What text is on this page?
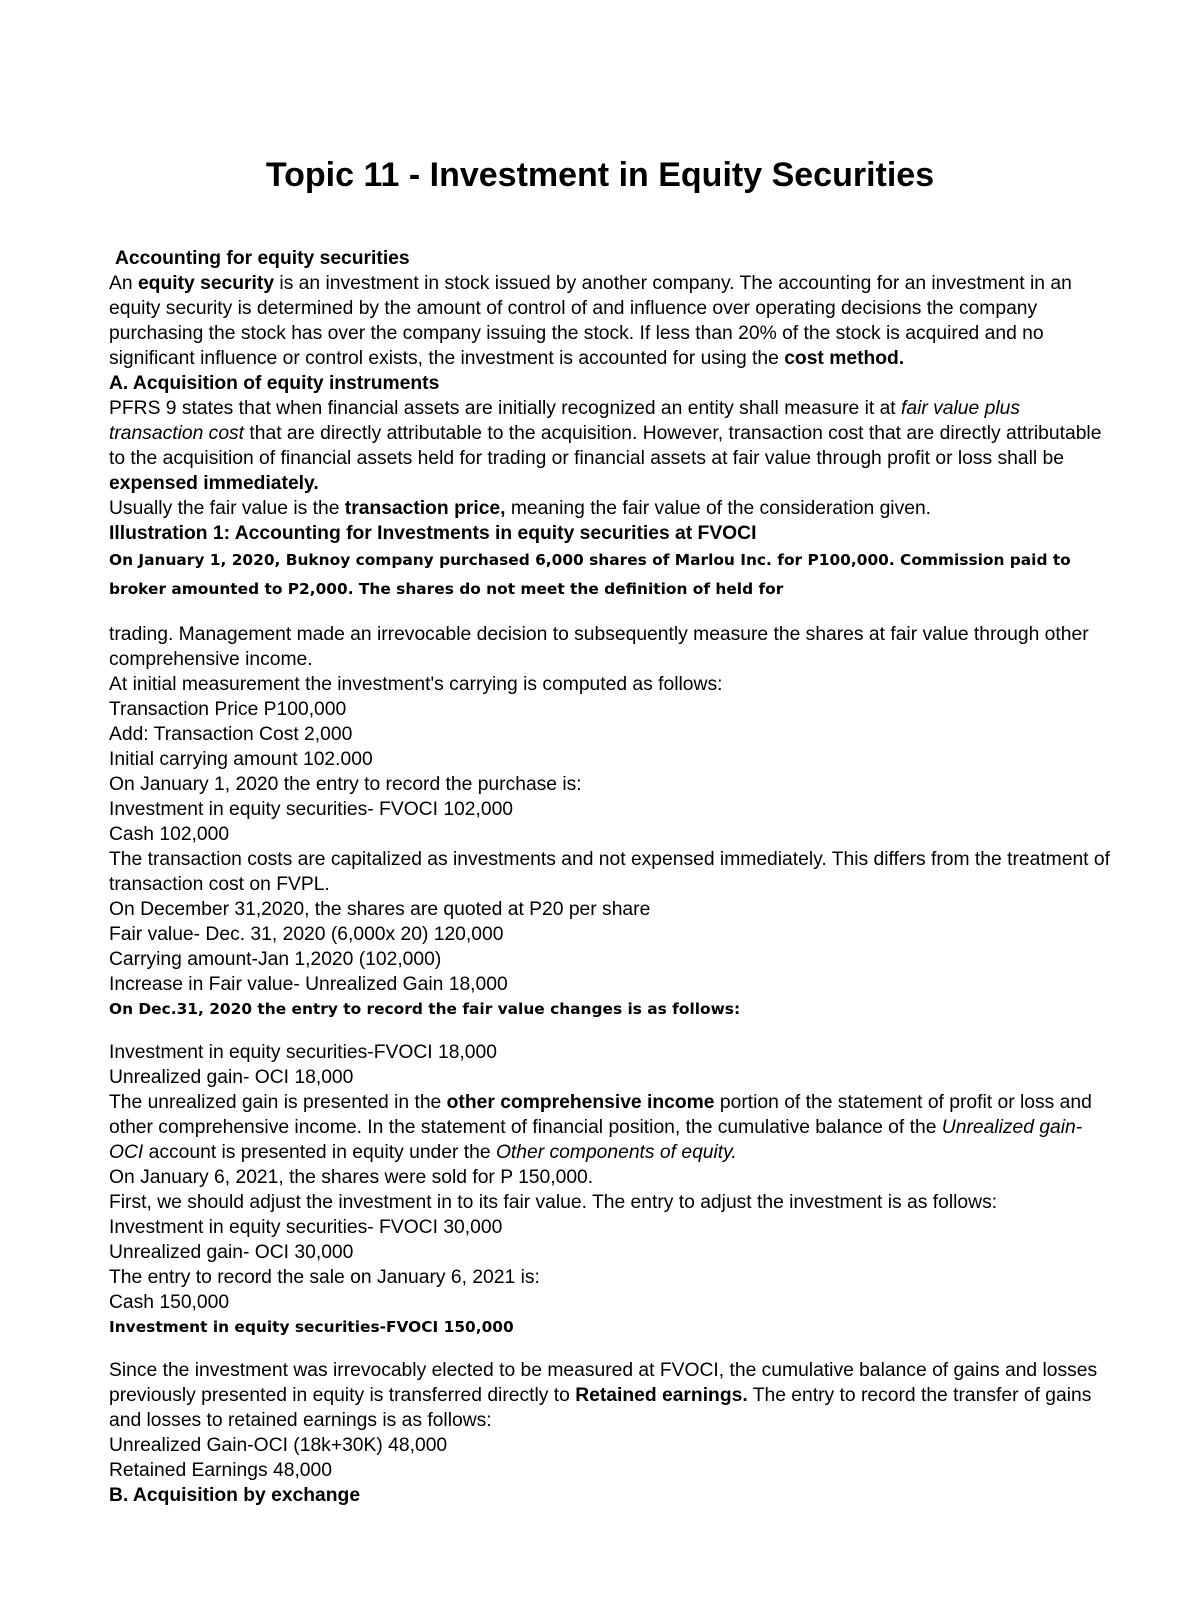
Topic 11 - Investment in Equity Securities

Accounting for equity securities

An equity security is an investment in stock issued by another company. The accounting for an investment in an equity security is determined by the amount of control of and influence over operating decisions the company purchasing the stock has over the company issuing the stock. If less than 20% of the stock is acquired and no significant influence or control exists, the investment is accounted for using the cost method.

A. Acquisition of equity instruments

PFRS 9 states that when financial assets are initially recognized an entity shall measure it at fair value plus transaction cost that are directly attributable to the acquisition. However, transaction cost that are directly attributable to the acquisition of financial assets held for trading or financial assets at fair value through profit or loss shall be expensed immediately.

Usually the fair value is the transaction price, meaning the fair value of the consideration given.

Illustration 1: Accounting for Investments in equity securities at FVOCI

On January 1, 2020, Buknoy company purchased 6,000 shares of Marlou Inc. for P100,000. Commission paid to

broker amounted to P2,000. The shares do not meet the definition of held for

trading. Management made an irrevocable decision to subsequently measure the shares at fair value through other comprehensive income.

At initial measurement the investment's carrying is computed as follows:

Transaction Price P100,000

Add: Transaction Cost 2,000

Initial carrying amount 102.000

On January 1, 2020 the entry to record the purchase is:

Investment in equity securities- FVOCI 102,000

Cash 102,000

The transaction costs are capitalized as investments and not expensed immediately. This differs from the treatment of transaction cost on FVPL.

On December 31,2020, the shares are quoted at P20 per share

Fair value- Dec. 31, 2020 (6,000x 20) 120,000

Carrying amount-Jan 1,2020 (102,000)

Increase in Fair value- Unrealized Gain 18,000

On Dec.31, 2020 the entry to record the fair value changes is as follows:

Investment in equity securities-FVOCI 18,000

Unrealized gain- OCI 18,000

The unrealized gain is presented in the other comprehensive income portion of the statement of profit or loss and other comprehensive income. In the statement of financial position, the cumulative balance of the Unrealized gain- OCI account is presented in equity under the Other components of equity.

On January 6, 2021, the shares were sold for P 150,000.

First, we should adjust the investment in to its fair value. The entry to adjust the investment is as follows:

Investment in equity securities- FVOCI 30,000

Unrealized gain- OCI 30,000

The entry to record the sale on January 6, 2021 is:

Cash 150,000

Investment in equity securities-FVOCI 150,000

Since the investment was irrevocably elected to be measured at FVOCI, the cumulative balance of gains and losses previously presented in equity is transferred directly to Retained earnings. The entry to record the transfer of gains and losses to retained earnings is as follows:

Unrealized Gain-OCI (18k+30K) 48,000

Retained Earnings 48,000

B. Acquisition by exchange
